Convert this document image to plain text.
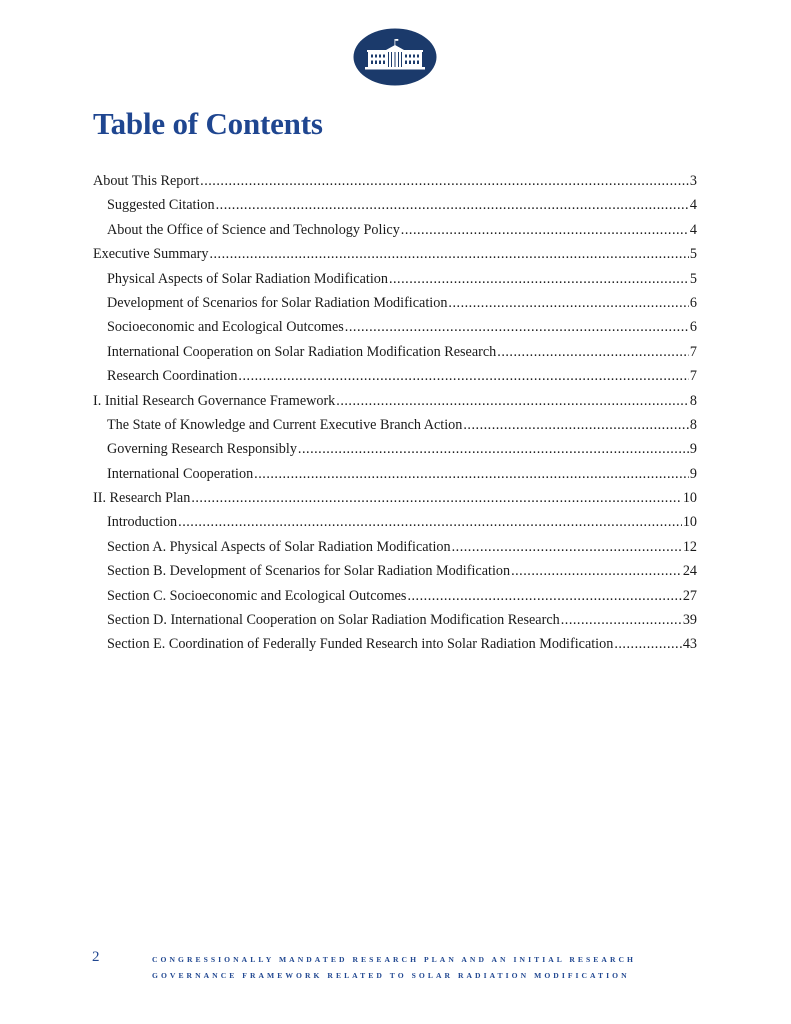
Table of Contents
About This Report .....	3
Suggested Citation .....	4
About the Office of Science and Technology Policy .....	4
Executive Summary .....	5
Physical Aspects of Solar Radiation Modification .....	5
Development of Scenarios for Solar Radiation Modification .....	6
Socioeconomic and Ecological Outcomes .....	6
International Cooperation on Solar Radiation Modification Research .....	7
Research Coordination .....	7
I. Initial Research Governance Framework .....	8
The State of Knowledge and Current Executive Branch Action .....	8
Governing Research Responsibly .....	9
International Cooperation .....	9
II. Research Plan .....	10
Introduction .....	10
Section A. Physical Aspects of Solar Radiation Modification .....	12
Section B. Development of Scenarios for Solar Radiation Modification .....	24
Section C. Socioeconomic and Ecological Outcomes .....	27
Section D. International Cooperation on Solar Radiation Modification Research .....	39
Section E. Coordination of Federally Funded Research into Solar Radiation Modification .....	43
2	CONGRESSIONALLY MANDATED RESEARCH PLAN AND AN INITIAL RESEARCH
GOVERNANCE FRAMEWORK RELATED TO SOLAR RADIATION MODIFICATION
